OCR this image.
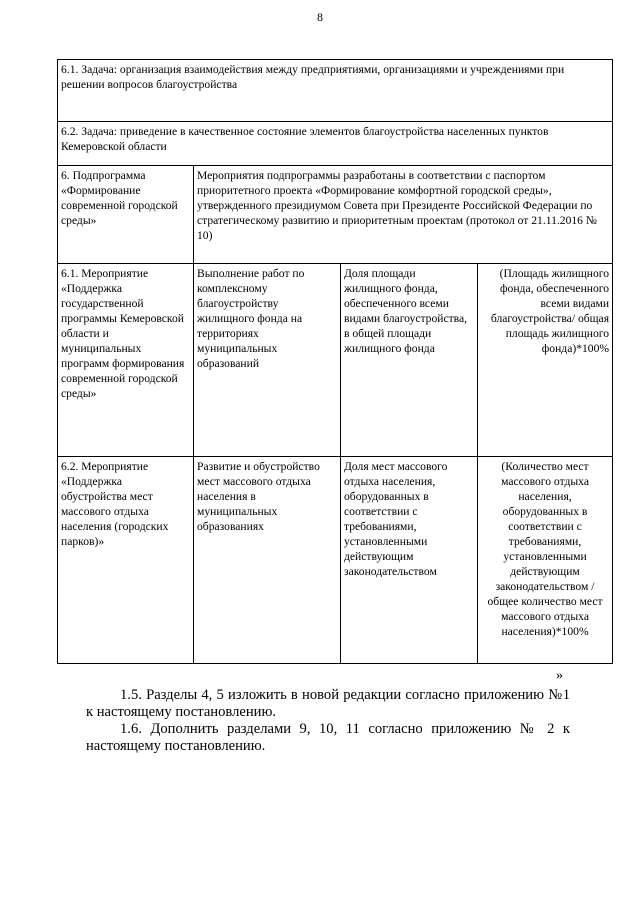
8
6.1. Задача: организация взаимодействия между предприятиями, организациями и учреждениями при решении вопросов благоустройства			
6.2. Задача: приведение в качественное состояние элементов благоустройства населенных пунктов Кемеровской области			
6. Подпрограмма «Формирование современной городской среды»	Мероприятия подпрограммы разработаны в соответствии с паспортом приоритетного проекта «Формирование комфортной городской среды», утвержденного президиумом Совета при Президенте Российской Федерации по стратегическому развитию и приоритетным проектам (протокол от 21.11.2016 № 10)		
6.1. Мероприятие «Поддержка государственной программы Кемеровской области и муниципальных программ формирования современной городской среды»	Выполнение работ по комплексному благоустройству жилищного фонда на территориях муниципальных образований	Доля площади жилищного фонда, обеспеченного всеми видами благоустройства, в общей площади жилищного фонда	(Площадь жилищного фонда, обеспеченного всеми видами благоустройства/ общая площадь жилищного фонда)*100%
6.2. Мероприятие «Поддержка обустройства мест массового отдыха населения (городских парков)»	Развитие и обустройство мест массового отдыха населения в муниципальных образованиях	Доля мест массового отдыха населения, оборудованных в соответствии с требованиями, установленными действующим законодательством	(Количество мест массового отдыха населения, оборудованных в соответствии с требованиями, установленными действующим законодательством / общее количество мест массового отдыха населения)*100%
»
1.5. Разделы 4, 5 изложить в новой редакции согласно приложению №1 к настоящему постановлению.
1.6. Дополнить разделами 9, 10, 11 согласно приложению № 2 к настоящему постановлению.
